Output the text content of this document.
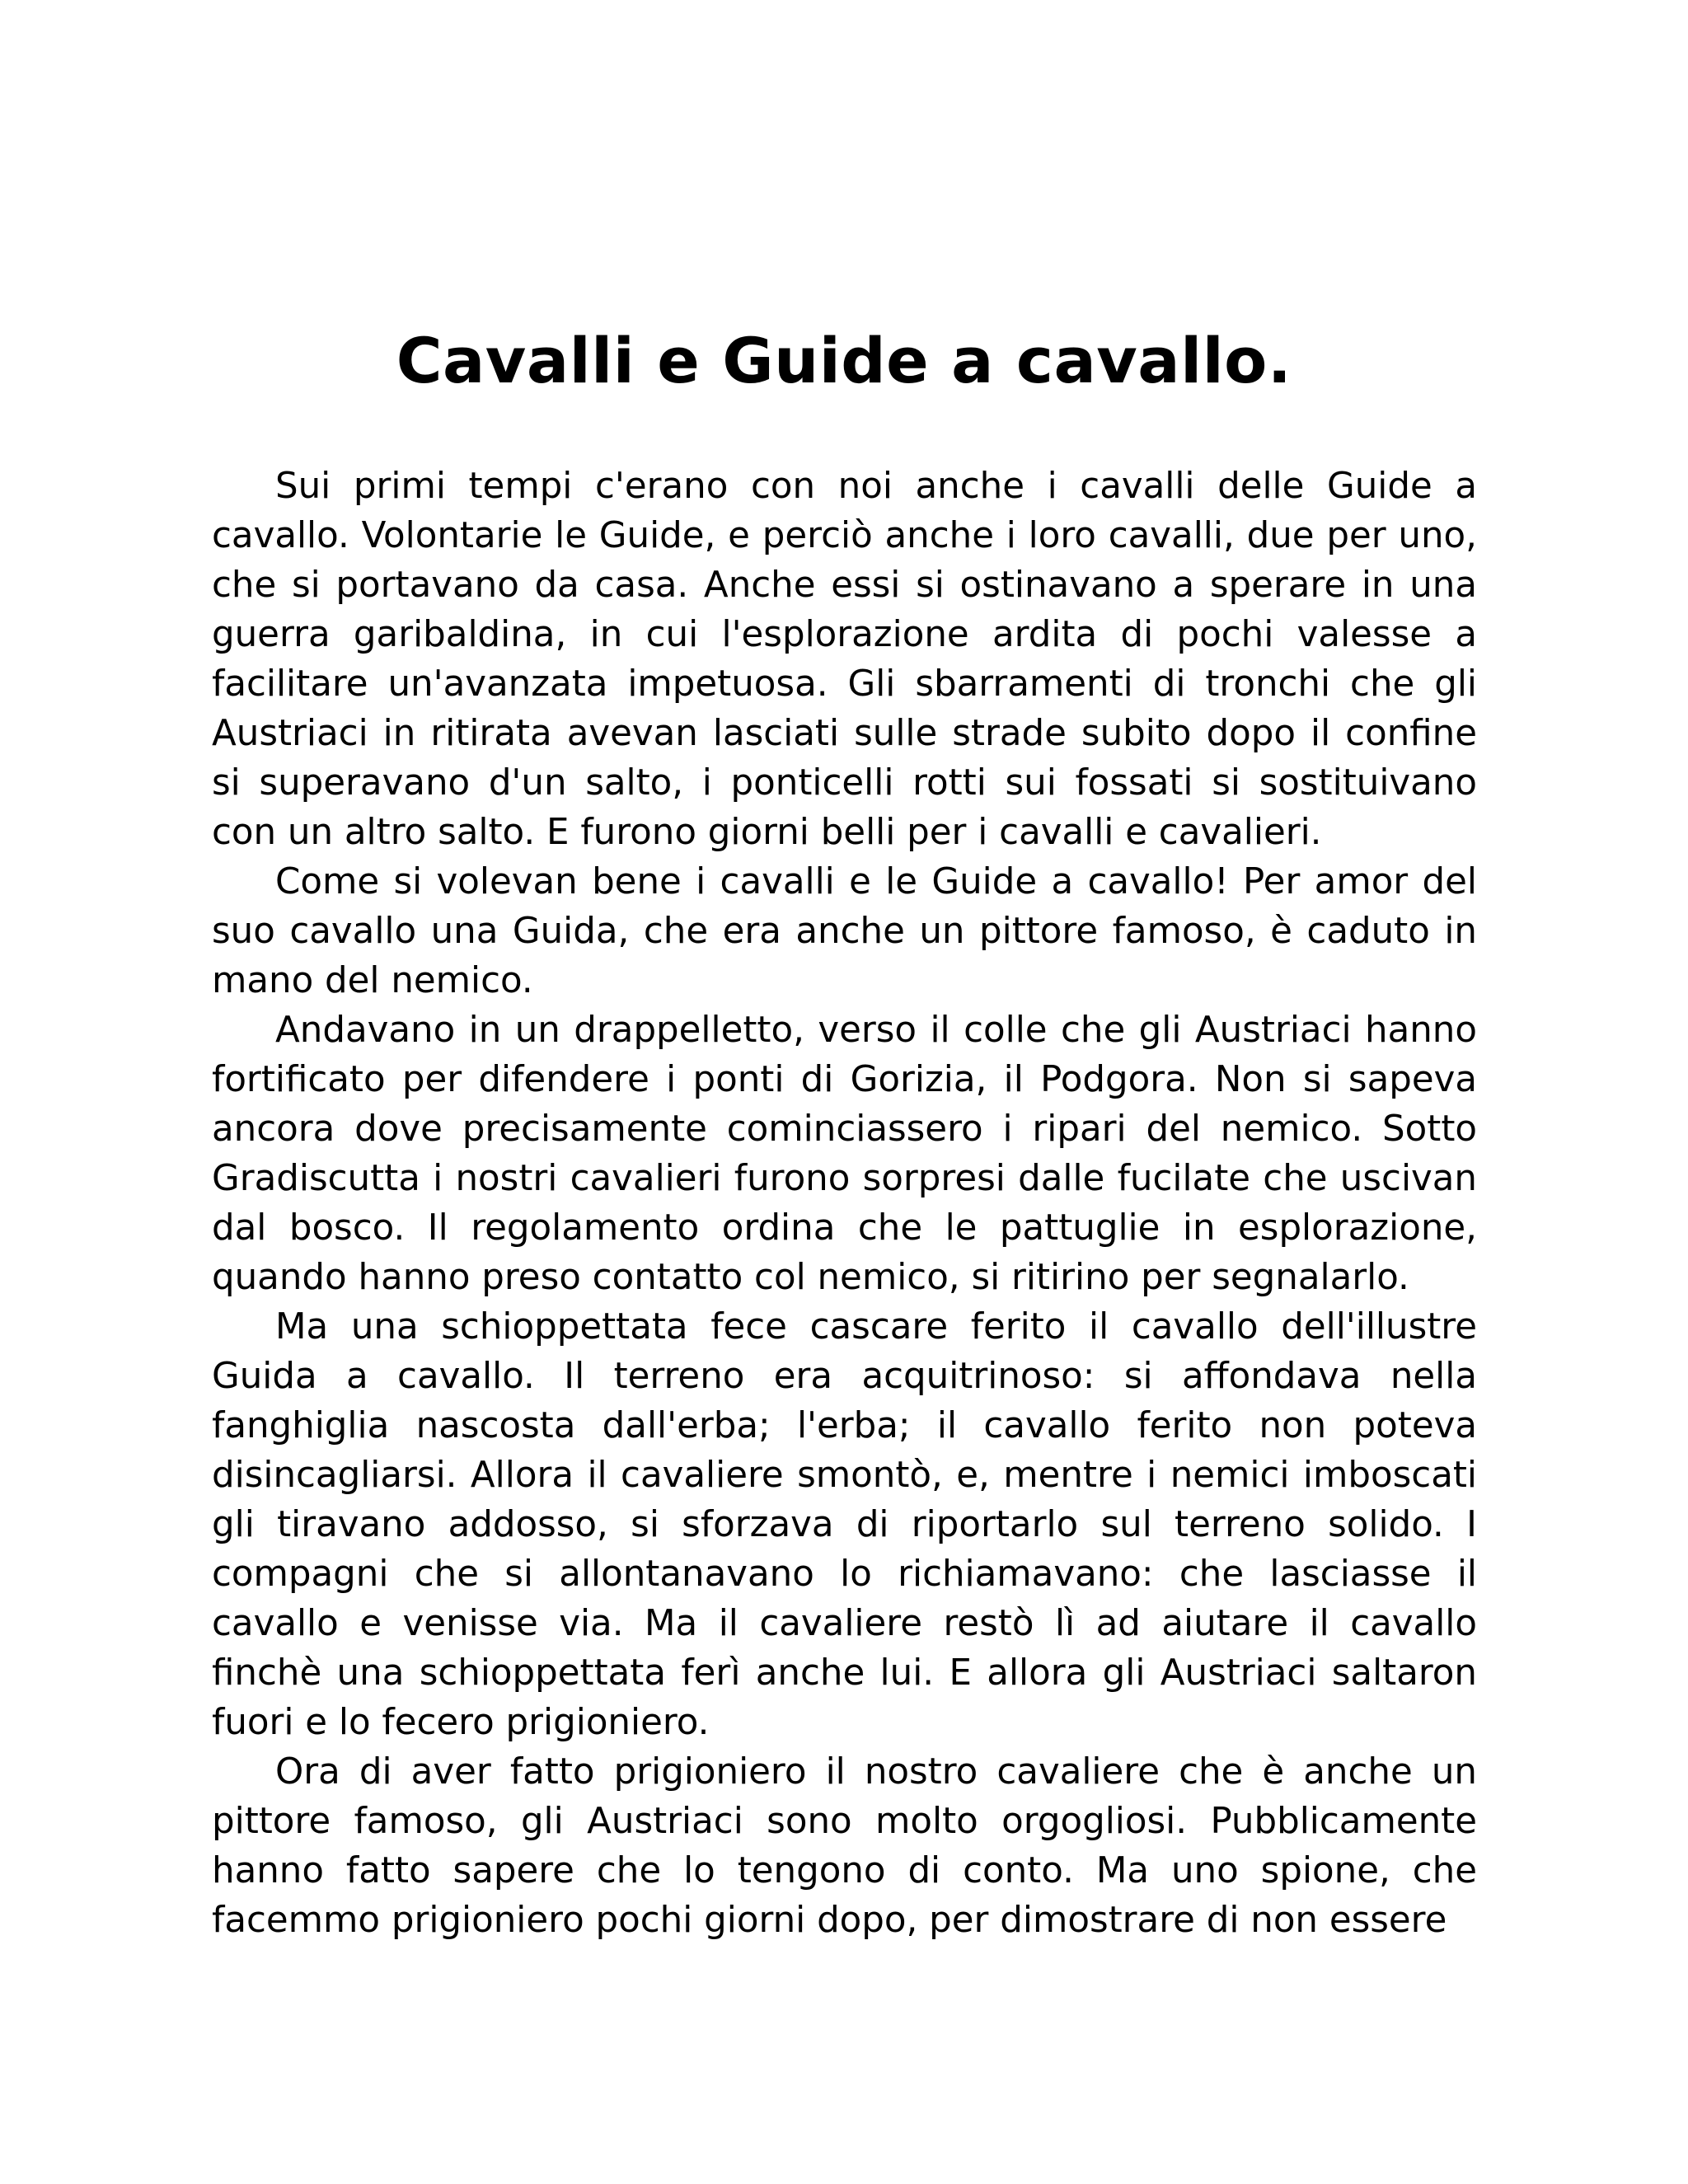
Cavalli e Guide a cavallo.

Sui primi tempi c'erano con noi anche i cavalli delle Guide a cavallo. Volontarie le Guide, e perciò anche i loro cavalli, due per uno, che si portavano da casa. Anche essi si ostinavano a sperare in una guerra garibaldina, in cui l'esplorazione ardita di pochi valesse a facilitare un'avanzata impetuosa. Gli sbarramenti di tronchi che gli Austriaci in ritirata avevan lasciati sulle strade subito dopo il confine si superavano d'un salto, i ponticelli rotti sui fossati si sostituivano con un altro salto. E furono giorni belli per i cavalli e cavalieri.

Come si volevan bene i cavalli e le Guide a cavallo! Per amor del suo cavallo una Guida, che era anche un pittore famoso, è caduto in mano del nemico.

Andavano in un drappelletto, verso il colle che gli Austriaci hanno fortificato per difendere i ponti di Gorizia, il Podgora. Non si sapeva ancora dove precisamente cominciassero i ripari del nemico. Sotto Gradiscutta i nostri cavalieri furono sorpresi dalle fucilate che uscivan dal bosco. Il regolamento ordina che le pattuglie in esplorazione, quando hanno preso contatto col nemico, si ritirino per segnalarlo.

Ma una schioppettata fece cascare ferito il cavallo dell'illustre Guida a cavallo. Il terreno era acquitrinoso: si affondava nella fanghiglia nascosta dall'erba; l'erba; il cavallo ferito non poteva disincagliarsi. Allora il cavaliere smontò, e, mentre i nemici imboscati gli tiravano addosso, si sforzava di riportarlo sul terreno solido. I compagni che si allontanavano lo richiamavano: che lasciasse il cavallo e venisse via. Ma il cavaliere restò lì ad aiutare il cavallo finchè una schioppettata ferì anche lui. E allora gli Austriaci saltaron fuori e lo fecero prigioniero.

Ora di aver fatto prigioniero il nostro cavaliere che è anche un pittore famoso, gli Austriaci sono molto orgogliosi. Pubblicamente hanno fatto sapere che lo tengono di conto. Ma uno spione, che facemmo prigioniero pochi giorni dopo, per dimostrare di non essere
